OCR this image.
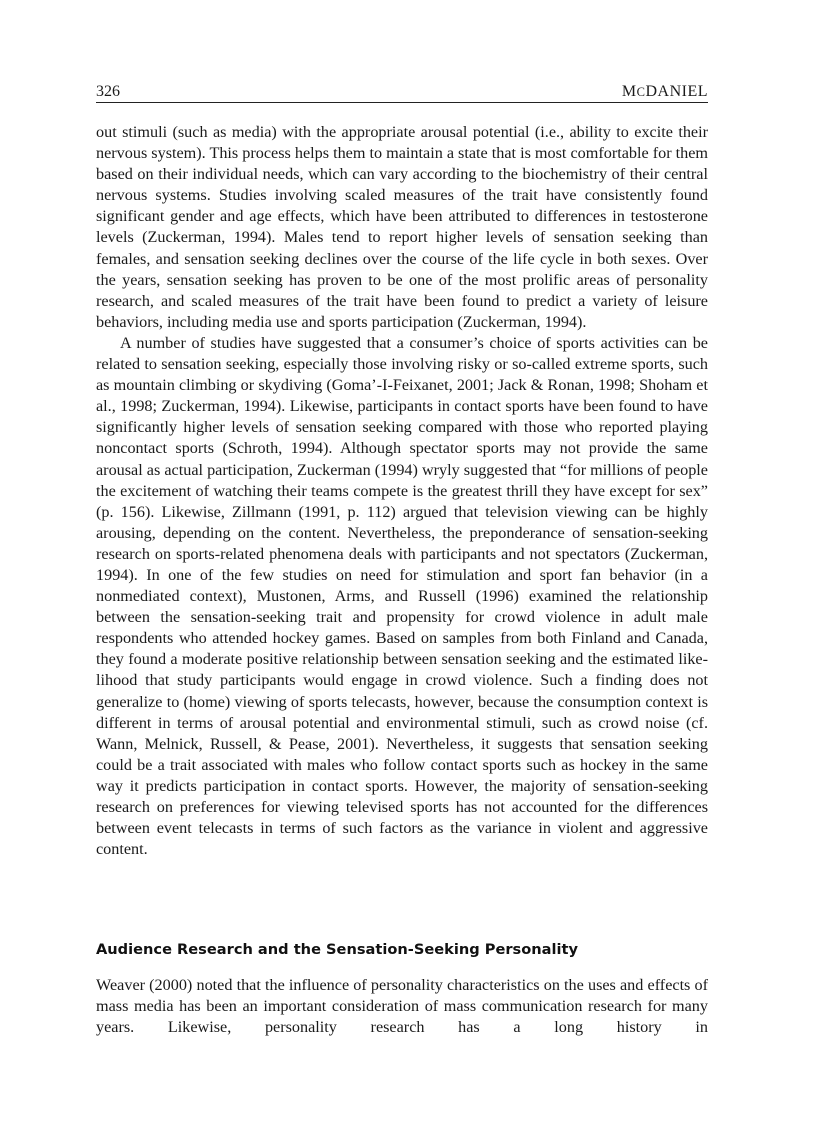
326	MCDANIEL

out stimuli (such as media) with the appropriate arousal potential (i.e., ability to excite their nervous system). This process helps them to maintain a state that is most comfortable for them based on their individual needs, which can vary according to the biochemistry of their central nervous systems. Studies involving scaled measures of the trait have consistently found significant gender and age effects, which have been attributed to differences in testosterone levels (Zuckerman, 1994). Males tend to report higher levels of sensation seeking than females, and sensation seeking declines over the course of the life cycle in both sexes. Over the years, sensation seeking has proven to be one of the most prolific areas of personality research, and scaled measures of the trait have been found to predict a variety of leisure behaviors, including media use and sports participation (Zuckerman, 1994).

A number of studies have suggested that a consumer’s choice of sports activities can be related to sensation seeking, especially those involving risky or so-called extreme sports, such as mountain climbing or skydiving (Goma’-I-Feixanet, 2001; Jack & Ronan, 1998; Shoham et al., 1998; Zuckerman, 1994). Likewise, participants in contact sports have been found to have significantly higher levels of sensation seeking compared with those who reported playing noncontact sports (Schroth, 1994). Although spectator sports may not provide the same arousal as actual participation, Zuckerman (1994) wryly suggested that “for millions of people the excitement of watching their teams compete is the greatest thrill they have except for sex” (p. 156). Likewise, Zillmann (1991, p. 112) argued that television viewing can be highly arousing, depending on the content. Nevertheless, the preponderance of sensation-seeking research on sports-related phenomena deals with participants and not spectators (Zuckerman, 1994). In one of the few studies on need for stimulation and sport fan behavior (in a nonmediated context), Mustonen, Arms, and Russell (1996) examined the relationship between the sensation-seeking trait and propensity for crowd violence in adult male respondents who attended hockey games. Based on samples from both Finland and Canada, they found a moderate positive relationship between sensation seeking and the estimated likelihood that study participants would engage in crowd violence. Such a finding does not generalize to (home) viewing of sports telecasts, however, because the consumption context is different in terms of arousal potential and environmental stimuli, such as crowd noise (cf. Wann, Melnick, Russell, & Pease, 2001). Nevertheless, it suggests that sensation seeking could be a trait associated with males who follow contact sports such as hockey in the same way it predicts participation in contact sports. However, the majority of sensation-seeking research on preferences for viewing televised sports has not accounted for the differences between event telecasts in terms of such factors as the variance in violent and aggressive content.

Audience Research and the Sensation-Seeking Personality

Weaver (2000) noted that the influence of personality characteristics on the uses and effects of mass media has been an important consideration of mass communication research for many years. Likewise, personality research has a long history in
